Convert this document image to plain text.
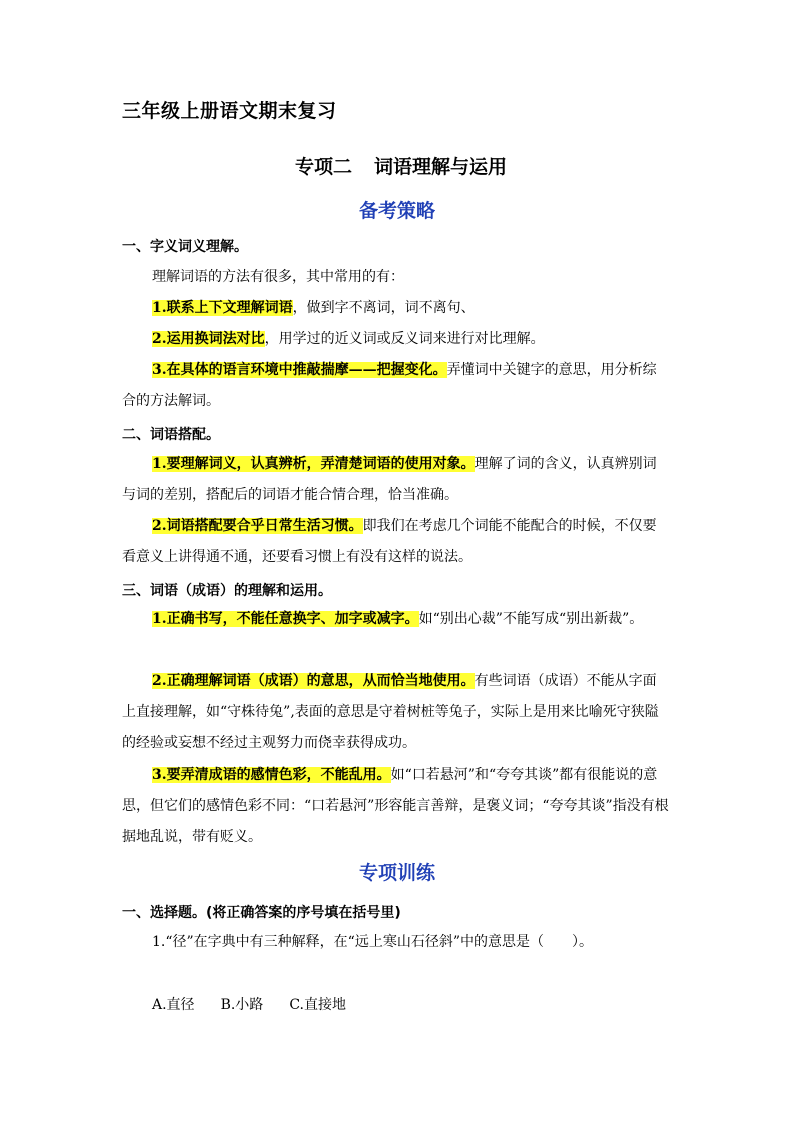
三年级上册语文期末复习
专项二 词语理解与运用
备考策略
一、字义词义理解。

理解词语的方法有很多，其中常用的有：

1.联系上下文理解词语，做到字不离词，词不离句、

2.运用换词法对比，用学过的近义词或反义词来进行对比理解。

3.在具体的语言环境中推敲揣摩——把握变化。弄懂词中关键字的意思，用分析综合的方法解词。

二、词语搭配。

1.要理解词义，认真辨析，弄清楚词语的使用对象。理解了词的含义，认真辨别词与词的差别，搭配后的词语才能合情合理，恰当准确。

2.词语搭配要合乎日常生活习惯。即我们在考虑几个词能不能配合的时候，不仅要看意义上讲得通不通，还要看习惯上有没有这样的说法。

三、词语（成语）的理解和运用。

1.正确书写，不能任意换字、加字或减字。如“别出心裁”不能写成“别出新裁”。

2.正确理解词语（成语）的意思，从而恰当地使用。有些词语（成语）不能从字面上直接理解，如“守株待兔”,表面的意思是守着树桩等兔子，实际上是用来比喻死守狭隘的经验或妄想不经过主观努力而侥幸获得成功。

3.要弄清成语的感情色彩，不能乱用。如“口若悬河”和“夸夸其谈”都有很能说的意思，但它们的感情色彩不同：“口若悬河”形容能言善辩，是褒义词；“夸夸其谈”指没有根据地乱说，带有贬义。

专项训练
一、选择题。(将正确答案的序号填在括号里)

1.“径”在字典中有三种解释，在“远上寒山石径斜”中的意思是（　　）。

A.直径 B.小路 C.直接地
